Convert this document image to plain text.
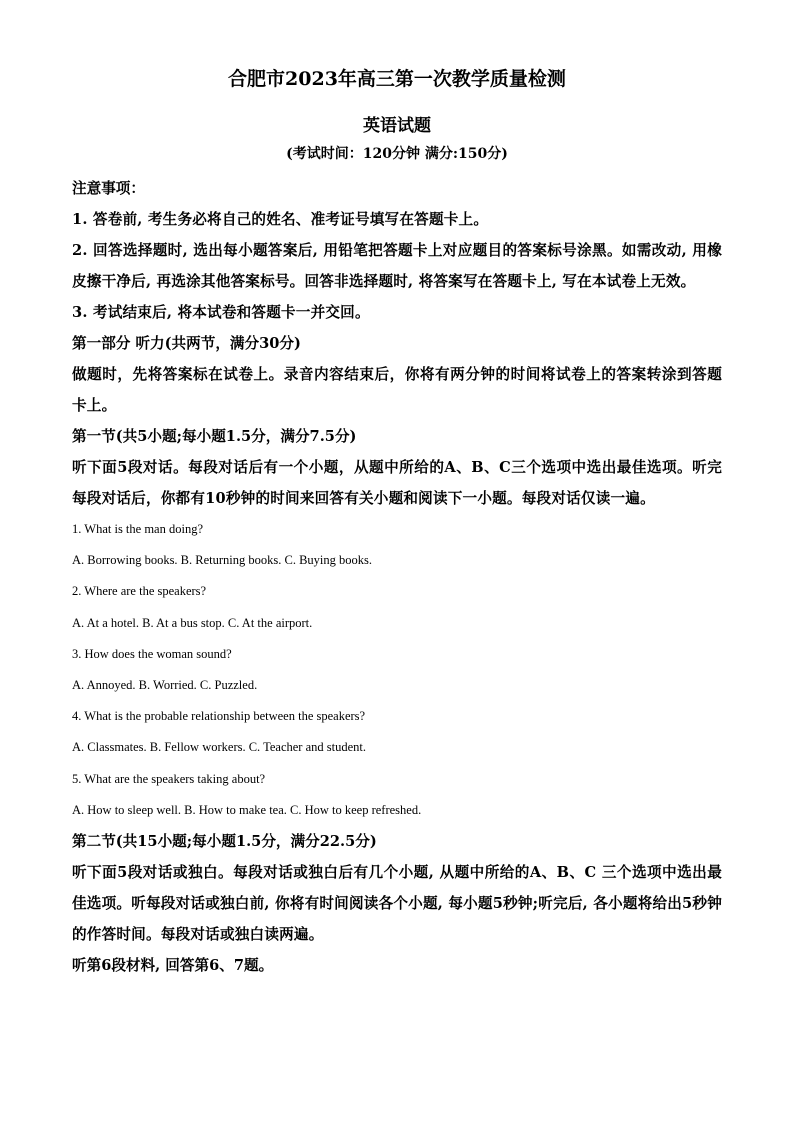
合肥市2023年高三第一次教学质量检测
英语试题
(考试时间：120分钟 满分:150分)
注意事项：
1. 答卷前, 考生务必将自己的姓名、准考证号填写在答题卡上。
2. 回答选择题时, 选出每小题答案后, 用铅笔把答题卡上对应题目的答案标号涂黑。如需改动, 用橡皮擦干净后, 再选涂其他答案标号。回答非选择题时, 将答案写在答题卡上, 写在本试卷上无效。
3. 考试结束后, 将本试卷和答题卡一并交回。
第一部分 听力(共两节，满分30分)
做题时，先将答案标在试卷上。录音内容结束后，你将有两分钟的时间将试卷上的答案转涂到答题卡上。
第一节(共5小题;每小题1.5分，满分7.5分)
听下面5段对话。每段对话后有一个小题，从题中所给的A、B、C三个选项中选出最佳选项。听完每段对话后，你都有10秒钟的时间来回答有关小题和阅读下一小题。每段对话仅读一遍。
1. What is the man doing?
A. Borrowing books. B. Returning books. C. Buying books.
2. Where are the speakers?
A. At a hotel. B. At a bus stop. C. At the airport.
3. How does the woman sound?
A. Annoyed. B. Worried. C. Puzzled.
4. What is the probable relationship between the speakers?
A. Classmates. B. Fellow workers. C. Teacher and student.
5. What are the speakers taking about?
A. How to sleep well. B. How to make tea. C. How to keep refreshed.
第二节(共15小题;每小题1.5分，满分22.5分)
听下面5段对话或独白。每段对话或独白后有几个小题, 从题中所给的A、B、C 三个选项中选出最佳选项。听每段对话或独白前, 你将有时间阅读各个小题, 每小题5秒钟;听完后, 各小题将给出5秒钟的作答时间。每段对话或独白读两遍。
听第6段材料, 回答第6、7题。
